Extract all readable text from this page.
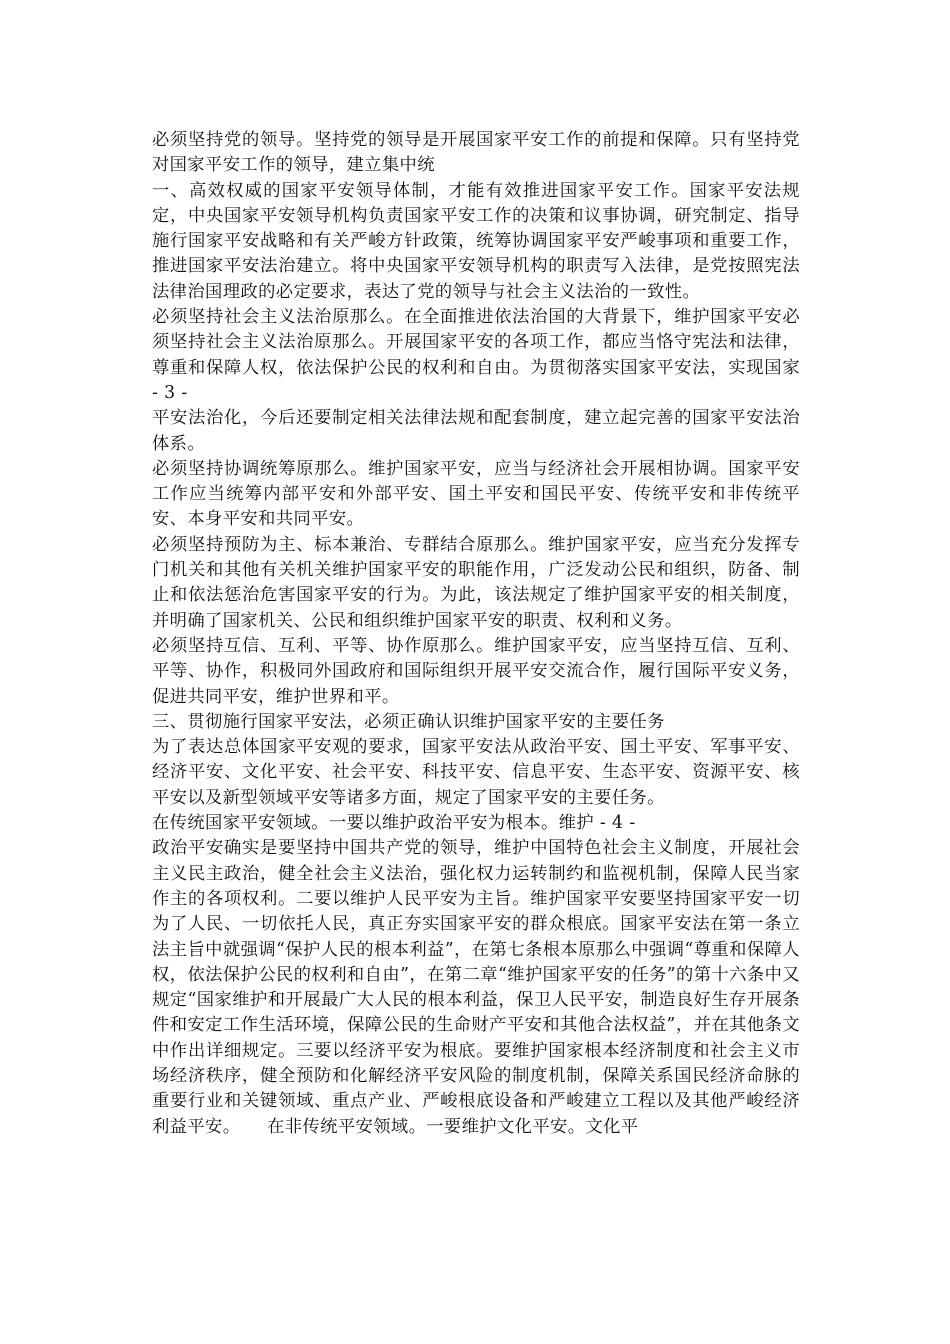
必须坚持党的领导。坚持党的领导是开展国家平安工作的前提和保障。只有坚持党对国家平安工作的领导，建立集中统

一、高效权威的国家平安领导体制，才能有效推进国家平安工作。国家平安法规定，中央国家平安领导机构负责国家平安工作的决策和议事协调，研究制定、指导施行国家平安战略和有关严峻方针政策，统筹协调国家平安严峻事项和重要工作，推进国家平安法治建立。将中央国家平安领导机构的职责写入法律，是党按照宪法法律治国理政的必定要求，表达了党的领导与社会主义法治的一致性。

必须坚持社会主义法治原那么。在全面推进依法治国的大背景下，维护国家平安必须坚持社会主义法治原那么。开展国家平安的各项工作，都应当恪守宪法和法律，尊重和保障人权，依法保护公民的权利和自由。为贯彻落实国家平安法，实现国家 - 3 -

平安法治化，今后还要制定相关法律法规和配套制度，建立起完善的国家平安法治体系。

必须坚持协调统筹原那么。维护国家平安，应当与经济社会开展相协调。国家平安工作应当统筹内部平安和外部平安、国土平安和国民平安、传统平安和非传统平安、本身平安和共同平安。

必须坚持预防为主、标本兼治、专群结合原那么。维护国家平安，应当充分发挥专门机关和其他有关机关维护国家平安的职能作用，广泛发动公民和组织，防备、制止和依法惩治危害国家平安的行为。为此，该法规定了维护国家平安的相关制度，并明确了国家机关、公民和组织维护国家平安的职责、权利和义务。

必须坚持互信、互利、平等、协作原那么。维护国家平安，应当坚持互信、互利、平等、协作，积极同外国政府和国际组织开展平安交流合作，履行国际平安义务，促进共同平安，维护世界和平。

三、贯彻施行国家平安法，必须正确认识维护国家平安的主要任务

为了表达总体国家平安观的要求，国家平安法从政治平安、国土平安、军事平安、经济平安、文化平安、社会平安、科技平安、信息平安、生态平安、资源平安、核平安以及新型领域平安等诸多方面，规定了国家平安的主要任务。

在传统国家平安领域。一要以维护政治平安为根本。维护 - 4 -

政治平安确实是要坚持中国共产党的领导，维护中国特色社会主义制度，开展社会主义民主政治，健全社会主义法治，强化权力运转制约和监视机制，保障人民当家作主的各项权利。二要以维护人民平安为主旨。维护国家平安要坚持国家平安一切为了人民、一切依托人民，真正夯实国家平安的群众根底。国家平安法在第一条立法主旨中就强调“保护人民的根本利益”，在第七条根本原那么中强调“尊重和保障人权，依法保护公民的权利和自由”，在第二章“维护国家平安的任务”的第十六条中又规定“国家维护和开展最广大人民的根本利益，保卫人民平安，制造良好生存开展条件和安定工作生活环境，保障公民的生命财产平安和其他合法权益”，并在其他条文中作出详细规定。三要以经济平安为根底。要维护国家根本经济制度和社会主义市场经济秩序，健全预防和化解经济平安风险的制度机制，保障关系国民经济命脉的重要行业和关键领域、重点产业、严峻根底设备和严峻建立工程以及其他严峻经济利益平安。　　在非传统平安领域。一要维护文化平安。文化平
